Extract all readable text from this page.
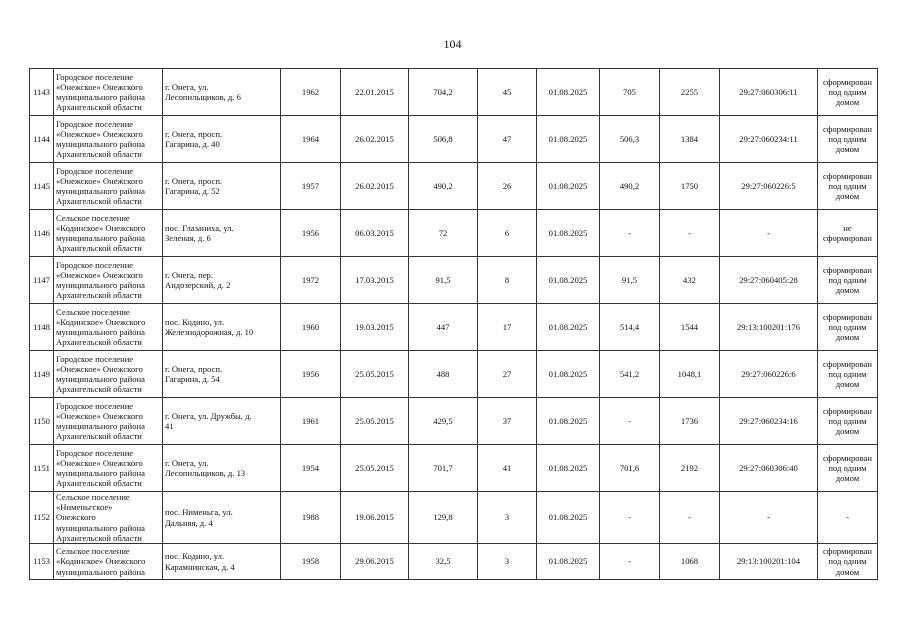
104
1143	Городское поселение
«Онежское» Онежского
муниципального района
Архангельской области	г. Онега, ул.
Лесопильщиков, д. 6	1962	22.01.2015	704,2	45	01.08.2025	705	2255	29:27:060306:11	сформирован
под одним
домом

1144	Городское поселение
«Онежское» Онежского
муниципального района
Архангельской области	г. Онега, просп.
Гагарина, д. 40	1964	26.02.2015	506,8	47	01.08.2025	506,3	1384	29:27:060234:11	сформирован
под одним
домом

1145	Городское поселение
«Онежское» Онежского
муниципального района
Архангельской области	г. Онега, просп.
Гагарина, д. 52	1957	26.02.2015	490,2	26	01.08.2025	490,2	1750	29:27:060226:5	сформирован
под одним
домом

1146	Сельское поселение
«Кодинское» Онежского
муниципального района
Архангельской области	пос. Глазаниха, ул.
Зеленая, д. 6	1956	06.03.2015	72	6	01.08.2025	-	-	-	не
сформирован

1147	Городское поселение
«Онежское» Онежского
муниципального района
Архангельской области	г. Онега, пер.
Андозерский, д. 2	1972	17.03.2015	91,5	8	01.08.2025	91,5	432	29:27:060405:28	сформирован
под одним
домом

1148	Сельское поселение
«Кодинское» Онежского
муниципального района
Архангельской области	пос. Кодино, ул.
Железнодорожная, д. 10	1960	19.03.2015	447	17	01.08.2025	514,4	1544	29:13:100201:176	сформирован
под одним
домом

1149	Городское поселение
«Онежское» Онежского
муниципального района
Архангельской области	г. Онега, просп.
Гагарина, д. 54	1956	25.05.2015	488	27	01.08.2025	541,2	1048,1	29:27:060226:6	сформирован
под одним
домом

1150	Городское поселение
«Онежское» Онежского
муниципального района
Архангельской области	г. Онега, ул. Дружбы, д.
41	1961	25.05.2015	429,5	37	01.08.2025	-	1736	29:27:060234:16	сформирован
под одним
домом

1151	Городское поселение
«Онежское» Онежского
муниципального района
Архангельской области	г. Онега, ул.
Лесопильщиков, д. 13	1954	25.05.2015	701,7	41	01.08.2025	701,6	2192	29:27:060306:40	сформирован
под одним
домом

1152	Сельское поселение
«Нименьгское»
Онежского
муниципального района
Архангельской области	пос. Нименьга, ул.
Дальняя, д. 4	1988	19.06.2015	129,8	3	01.08.2025	-	-	-	-

1153	Сельское поселение
«Кодинское» Онежского
муниципального района	пос. Кодино, ул.
Карамнинская, д. 4	1958	29.06.2015	32,5	3	01.08.2025	-	1068	29:13:100201:104	сформирован
под одним
домом
